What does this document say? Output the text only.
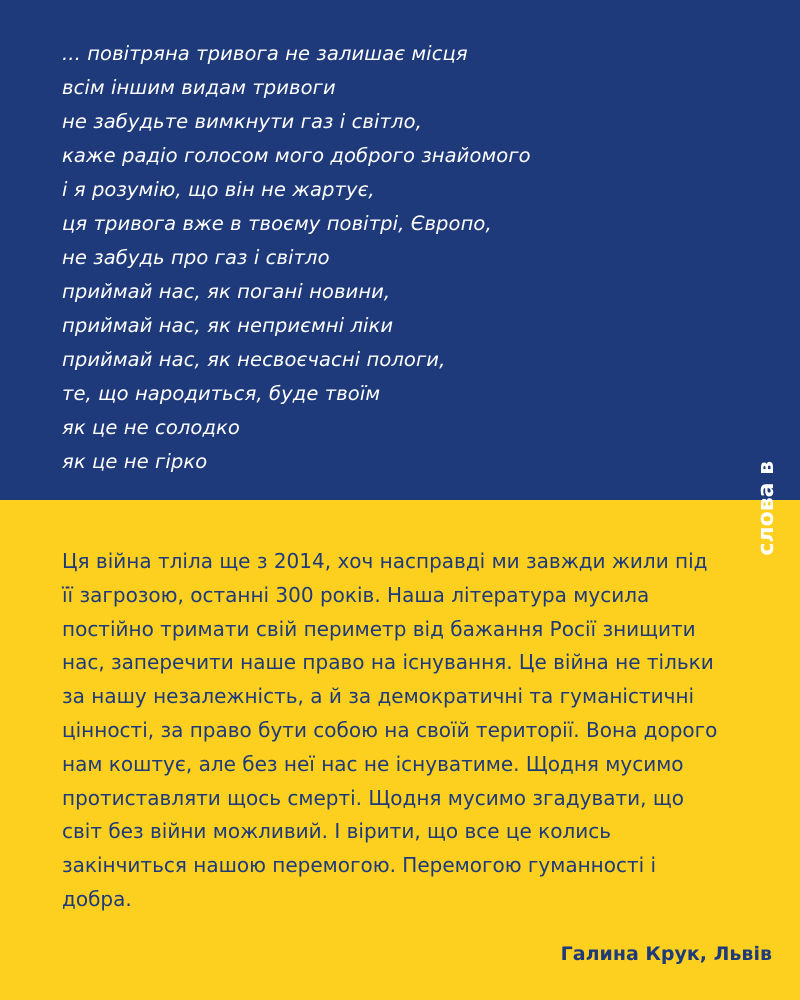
... повітряна тривога не залишає місця
всім іншим видам тривоги
не забудьте вимкнути газ і світло,
каже радіо голосом мого доброго знайомого
і я розумію, що він не жартує,
ця тривога вже в твоєму повітрі, Європо,
не забудь про газ і світло
приймай нас, як погані новини,
приймай нас, як неприємні ліки
приймай нас, як несвоєчасні пологи,
те, що народиться, буде твоїм
як це не солодко
як це не гірко	слова в дії

Ця війна тліла ще з 2014, хоч насправді ми завжди жили під її загрозою, останні 300 років. Наша література мусила постійно тримати свій периметр від бажання Росії знищити нас, заперечити наше право на існування. Це війна не тільки за нашу незалежність, а й за демократичні та гуманістичні цінності, за право бути собою на своїй території. Вона дорого нам коштує, але без неї нас не існуватиме. Щодня мусимо протиставляти щось смерті. Щодня мусимо згадувати, що світ без війни можливий. І вірити, що все це колись закінчиться нашою перемогою. Перемогою гуманності і добра.

Галина Крук, Львів
